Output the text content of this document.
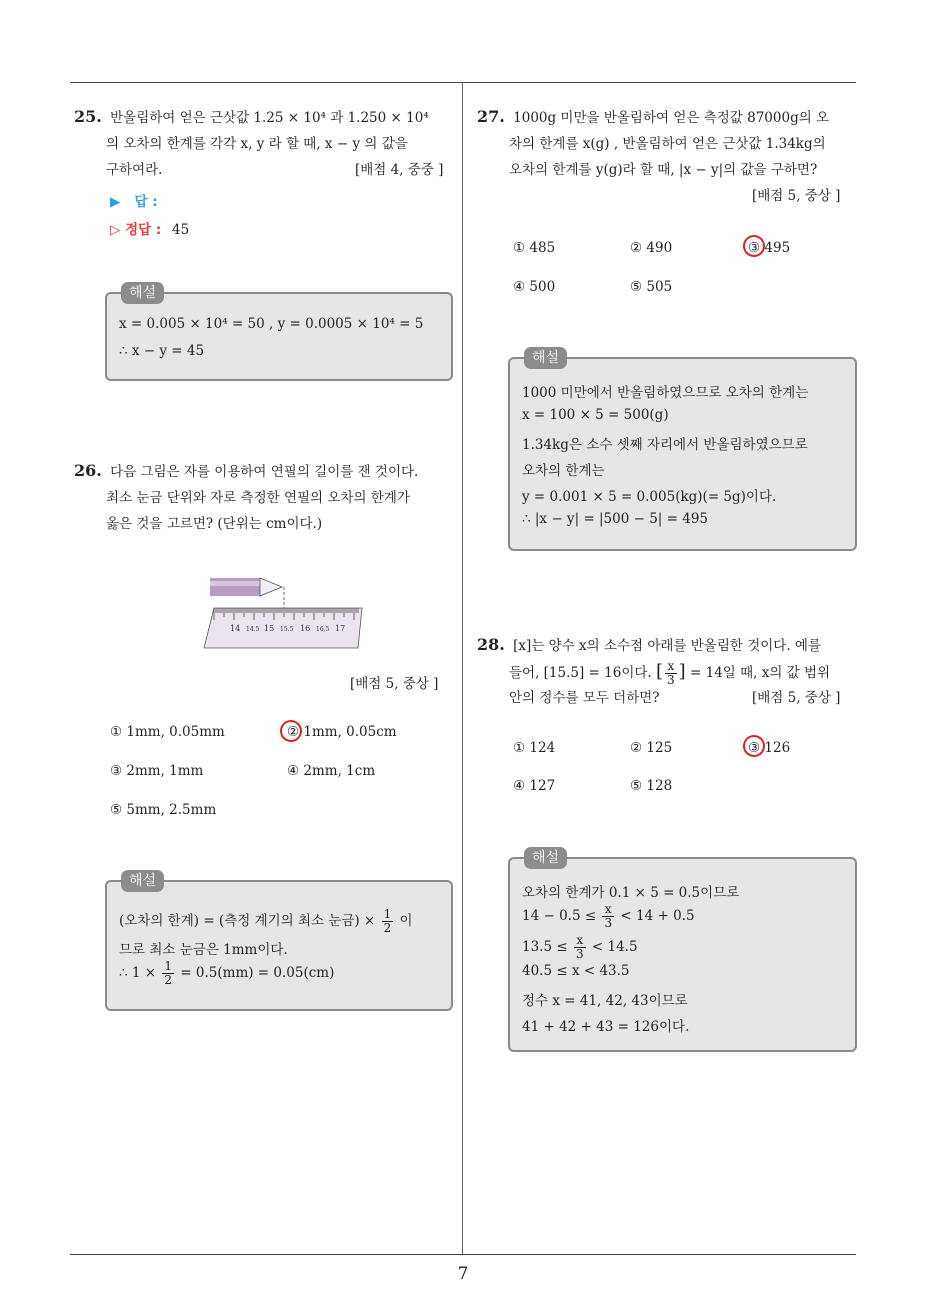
7
25. 반올림하여 얻은 근삿값 1.25 × 10⁴ 과 1.250 × 10⁴
의 오차의 한계를 각각 x, y 라 할 때, x − y 의 값을
구하여라.	[배점 4, 중중 ]
▶ 답 :
▷ 정답 : 45
해설
x = 0.005 × 10⁴ = 50 , y = 0.0005 × 10⁴ = 5
∴ x − y = 45
26. 다음 그림은 자를 이용하여 연필의 길이를 잰 것이다.
최소 눈금 단위와 자로 측정한 연필의 오차의 한계가
옳은 것을 고르면? (단위는 cm이다.)
14 14.5 15 15.5 16 16.5 17
[배점 5, 중상 ]
① 1mm, 0.05mm	② 1mm, 0.05cm
③ 2mm, 1mm	④ 2mm, 1cm
⑤ 5mm, 2.5mm
해설
(오차의 한계) = (측정 계기의 최소 눈금) × $\frac{1}{2}$ 이
므로 최소 눈금은 1mm이다.
∴ $1 \times \frac{1}{2} = 0.5(mm) = 0.05(cm)$
27. 1000g 미만을 반올림하여 얻은 측정값 87000g의 오
차의 한계를 x(g) , 반올림하여 얻은 근삿값 1.34kg의
오차의 한계를 y(g)라 할 때, |x − y|의 값을 구하면?
[배점 5, 중상 ]
① 485	② 490	③ 495
④ 500	⑤ 505
해설
1000 미만에서 반올림하였으므로 오차의 한계는
x = 100 × 5 = 500(g)
1.34kg은 소수 셋째 자리에서 반올림하였으므로
오차의 한계는
y = 0.001 × 5 = 0.005(kg)(= 5g)이다.
∴ |x − y| = |500 − 5| = 495
28. [x]는 양수 x의 소수점 아래를 반올림한 것이다. 예를
들어, [15.5] = 16이다. [ $\frac{x}{3}$ ] = 14일 때, x의 값 범위
안의 정수를 모두 더하면?	[배점 5, 중상 ]
① 124	② 125	③ 126
④ 127	⑤ 128
해설
오차의 한계가 0.1 × 5 = 0.5이므로
$14 - 0.5 \le \frac{x}{3} < 14 + 0.5$
$13.5 \le \frac{x}{3} < 14.5$
40.5 ≤ x < 43.5
정수 x = 41, 42, 43이므로
41 + 42 + 43 = 126이다.
